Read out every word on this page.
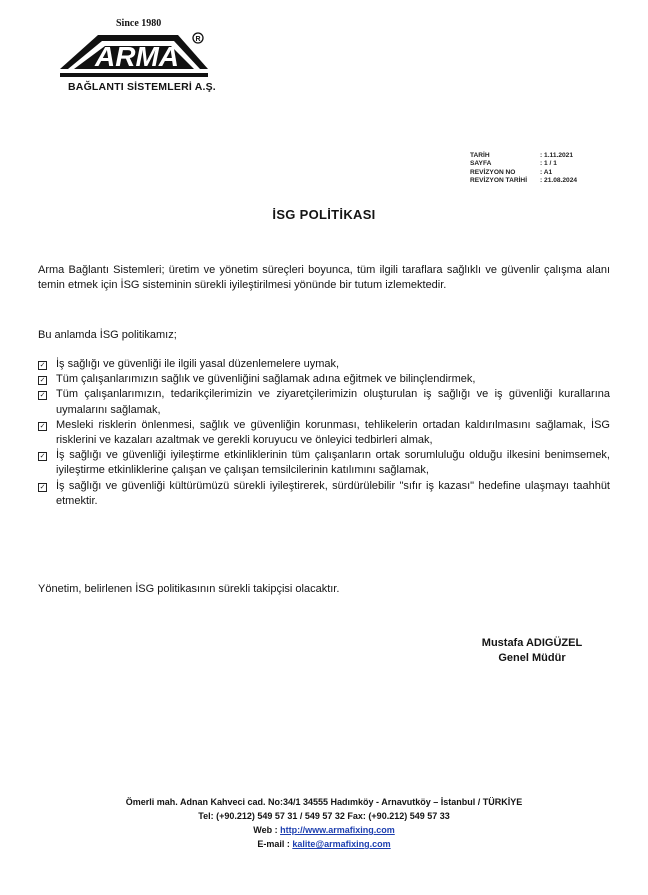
Since 1980
ARMA
R
BAĞLANTI SİSTEMLERİ A.Ş.
TARİH	: 1.11.2021
SAYFA	: 1 / 1
REVİZYON NO	: A1
REVİZYON TARİHİ	: 21.08.2024
İSG POLİTİKASI
Arma Bağlantı Sistemleri; üretim ve yönetim süreçleri boyunca, tüm ilgili taraflara sağlıklı ve güvenlir çalışma alanı temin etmek için İSG sisteminin sürekli iyileştirilmesi yönünde bir tutum izlemektedir.
Bu anlamda İSG politikamız;
✓ İş sağlığı ve güvenliği ile ilgili yasal düzenlemelere uymak,
✓ Tüm çalışanlarımızın sağlık ve güvenliğini sağlamak adına eğitmek ve bilinçlendirmek,
✓ Tüm çalışanlarımızın, tedarikçilerimizin ve ziyaretçilerimizin oluşturulan iş sağlığı ve iş güvenliği kurallarına uymalarını sağlamak,
✓ Mesleki risklerin önlenmesi, sağlık ve güvenliğin korunması, tehlikelerin ortadan kaldırılmasını sağlamak, İSG risklerini ve kazaları azaltmak ve gerekli koruyucu ve önleyici tedbirleri almak,
✓ İş sağlığı ve güvenliği iyileştirme etkinliklerinin tüm çalışanların ortak sorumluluğu olduğu ilkesini benimsemek, iyileştirme etkinliklerine çalışan ve çalışan temsilcilerinin katılımını sağlamak,
✓ İş sağlığı ve güvenliği kültürümüzü sürekli iyileştirerek, sürdürülebilir "sıfır iş kazası" hedefine ulaşmayı taahhüt etmektir.
Yönetim, belirlenen İSG politikasının sürekli takipçisi olacaktır.
Mustafa ADIGÜZEL
Genel Müdür
Ömerli mah. Adnan Kahveci cad. No:34/1 34555 Hadımköy - Arnavutköy – İstanbul / TÜRKİYE
Tel: (+90.212) 549 57 31 / 549 57 32 Fax: (+90.212) 549 57 33
Web : http://www.armafixing.com
E-mail : kalite@armafixing.com
